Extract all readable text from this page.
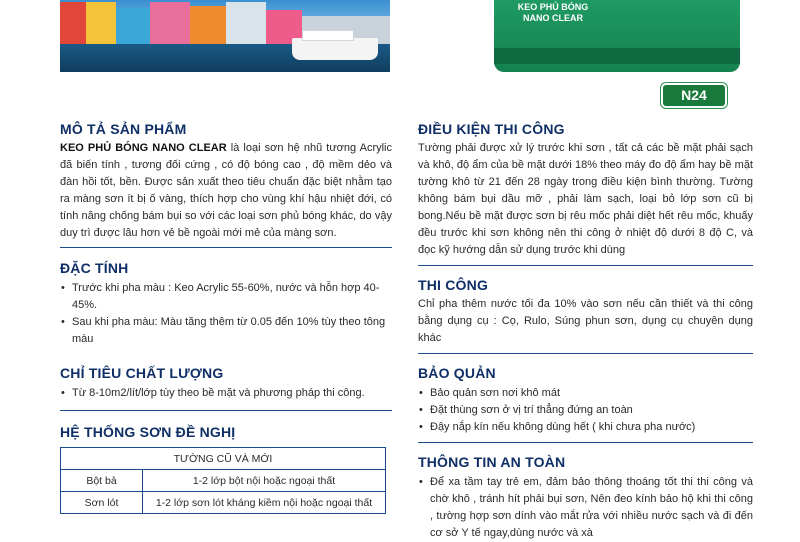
KEO PHỦ BÓNG
NANO CLEAR
N24
MÔ TẢ SẢN PHẨM

KEO PHỦ BÓNG NANO CLEAR là loại sơn hệ nhũ tương Acrylic đã biến tính , tương đối cứng , có độ bóng cao , độ mềm dẻo và đàn hồi tốt, bền. Được sản xuất theo tiêu chuẩn đặc biệt nhằm tạo ra màng sơn ít bị ố vàng, thích hợp cho vùng khí hậu nhiệt đới, có tính năng chống bám bụi so với các loại sơn phủ bóng khác, do vậy duy trì được lâu hơn vẻ bề ngoài mới mẻ của màng sơn.

ĐẶC TÍNH
• Trước khi pha màu : Keo Acrylic 55-60%, nước và hỗn hợp 40-45%.
• Sau khi pha màu: Màu tăng thêm từ 0.05 đến 10% tùy theo tông màu
CHỈ TIÊU CHẤT LƯỢNG
• Từ 8-10m2/lít/lớp tùy theo bề mặt và phương pháp thi công.
HỆ THỐNG SƠN ĐỀ NGHỊ
TƯỜNG CŨ VÀ MỚI	
Bột bả	1-2 lớp bột nội hoặc ngoại thất
Sơn lót	1-2 lớp sơn lót kháng kiềm nội hoặc ngoại thất
ĐIỀU KIỆN THI CÔNG

Tường phải được xử lý trước khi sơn , tất cả các bề mặt phải sạch và khô, độ ẩm của bề mặt dưới 18% theo máy đo độ ẩm hay bề mặt tường khô từ 21 đến 28 ngày trong điều kiện bình thường. Tường không bám bụi dầu mỡ , phải làm sạch, loại bỏ lớp sơn cũ bị bong.Nếu bề mặt được sơn bị rêu mốc phải diệt hết rêu mốc, khuấy đều trước khi sơn không nên thi công ở nhiệt độ dưới 8 độ C, và đọc kỹ hướng dẫn sử dụng trước khi dùng

THI CÔNG

Chỉ pha thêm nước tối đa 10% vào sơn nếu cần thiết và thi công bằng dụng cụ : Cọ, Rulo, Súng phun sơn, dụng cụ chuyên dụng khác

BẢO QUẢN
• Bảo quản sơn nơi khô mát
• Đặt thùng sơn ở vị trí thẳng đứng an toàn
• Đậy nắp kín nếu không dùng hết ( khi chưa pha nước)
THÔNG TIN AN TOÀN
• Để xa tầm tay trẻ em, đảm bảo thông thoáng tốt thi thi công và chờ khô , tránh hít phải bụi sơn, Nên đeo kính bảo hộ khi thi công , tường hợp sơn dính vào mắt rửa với nhiều nước sạch và đi đến cơ sở Y tế ngay,dùng nước và xà
